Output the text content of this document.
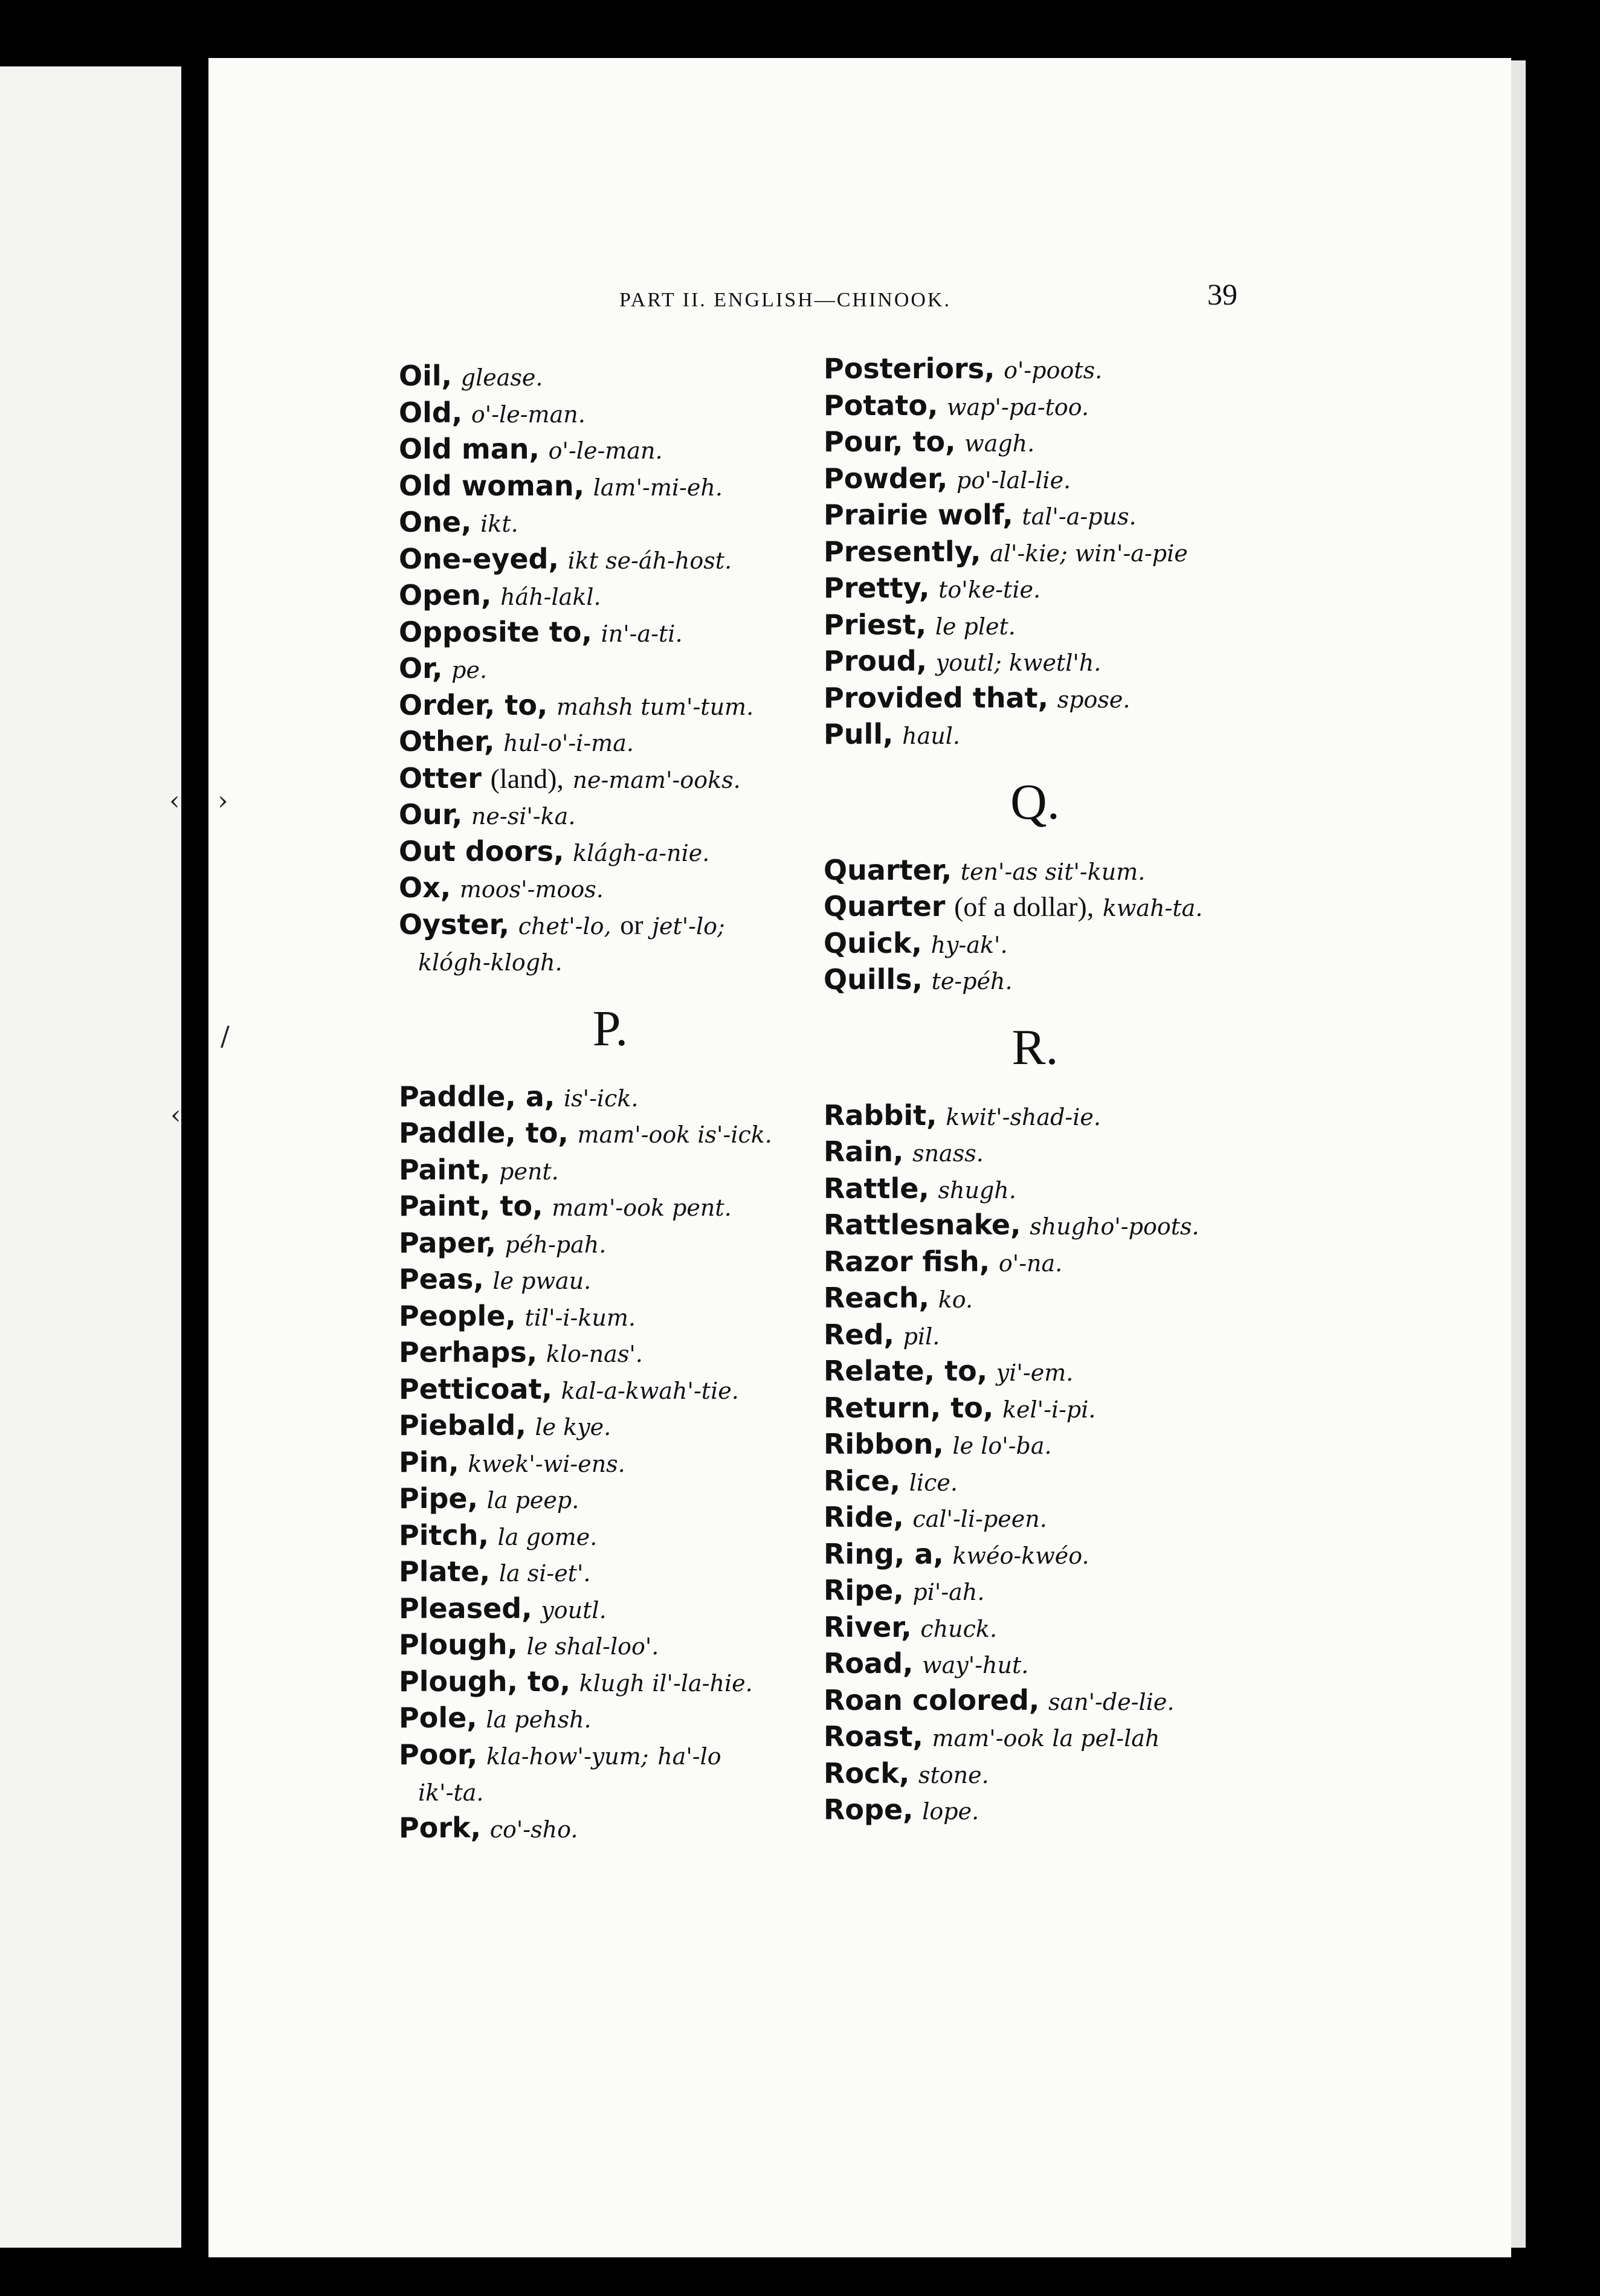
‹ ›
/
‹
PART II. ENGLISH—CHINOOK.	39
Oil, glease.
Old, o'-le-man.
Old man, o'-le-man.
Old woman, lam'-mi-eh.
One, ikt.
One-eyed, ikt se-áh-host.
Open, háh-lakl.
Opposite to, in'-a-ti.
Or, pe.
Order, to, mahsh tum'-tum.
Other, hul-o'-i-ma.
Otter (land), ne-mam'-ooks.
Our, ne-si'-ka.
Out doors, klágh-a-nie.
Ox, moos'-moos.
Oyster, chet'-lo, or jet'-lo;
klógh-klogh.
P.
Paddle, a, is'-ick.
Paddle, to, mam'-ook is'-ick.
Paint, pent.
Paint, to, mam'-ook pent.
Paper, péh-pah.
Peas, le pwau.
People, til'-i-kum.
Perhaps, klo-nas'.
Petticoat, kal-a-kwah'-tie.
Piebald, le kye.
Pin, kwek'-wi-ens.
Pipe, la peep.
Pitch, la gome.
Plate, la si-et'.
Pleased, youtl.
Plough, le shal-loo'.
Plough, to, klugh il'-la-hie.
Pole, la pehsh.
Poor, kla-how'-yum; ha'-lo
ik'-ta.
Pork, co'-sho.
Posteriors, o'-poots.
Potato, wap'-pa-too.
Pour, to, wagh.
Powder, po'-lal-lie.
Prairie wolf, tal'-a-pus.
Presently, al'-kie; win'-a-pie
Pretty, to'ke-tie.
Priest, le plet.
Proud, youtl; kwetl'h.
Provided that, spose.
Pull, haul.
Q.
Quarter, ten'-as sit'-kum.
Quarter (of a dollar), kwah-ta.
Quick, hy-ak'.
Quills, te-péh.
R.
Rabbit, kwit'-shad-ie.
Rain, snass.
Rattle, shugh.
Rattlesnake, shugho'-poots.
Razor fish, o'-na.
Reach, ko.
Red, pil.
Relate, to, yi'-em.
Return, to, kel'-i-pi.
Ribbon, le lo'-ba.
Rice, lice.
Ride, cal'-li-peen.
Ring, a, kwéo-kwéo.
Ripe, pi'-ah.
River, chuck.
Road, way'-hut.
Roan colored, san'-de-lie.
Roast, mam'-ook la pel-lah
Rock, stone.
Rope, lope.
